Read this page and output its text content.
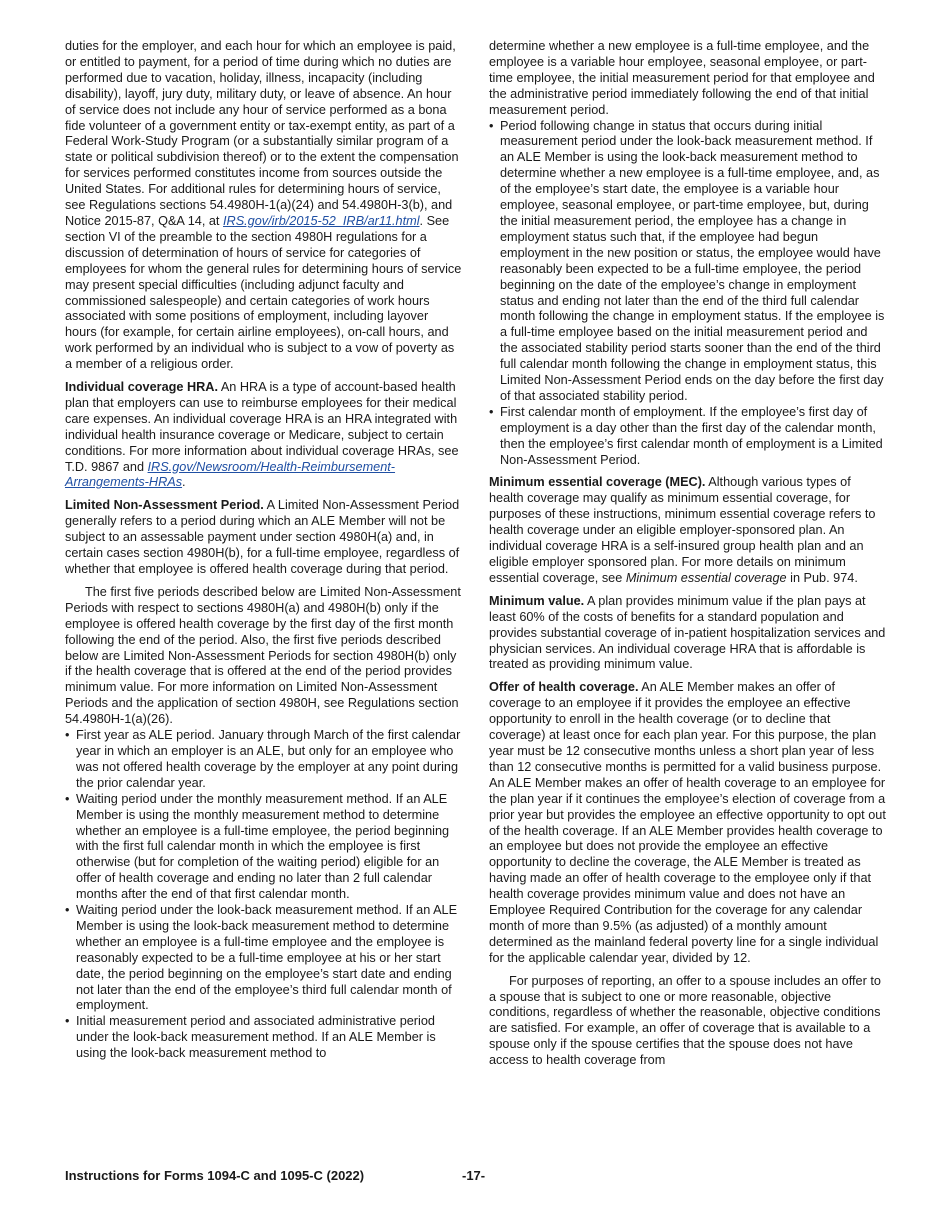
duties for the employer, and each hour for which an employee is paid, or entitled to payment, for a period of time during which no duties are performed due to vacation, holiday, illness, incapacity (including disability), layoff, jury duty, military duty, or leave of absence. An hour of service does not include any hour of service performed as a bona fide volunteer of a government entity or tax-exempt entity, as part of a Federal Work-Study Program (or a substantially similar program of a state or political subdivision thereof) or to the extent the compensation for services performed constitutes income from sources outside the United States. For additional rules for determining hours of service, see Regulations sections 54.4980H-1(a)(24) and 54.4980H-3(b), and Notice 2015-87, Q&A 14, at IRS.gov/irb/2015-52_IRB/ar11.html. See section VI of the preamble to the section 4980H regulations for a discussion of determination of hours of service for categories of employees for whom the general rules for determining hours of service may present special difficulties (including adjunct faculty and commissioned salespeople) and certain categories of work hours associated with some positions of employment, including layover hours (for example, for certain airline employees), on-call hours, and work performed by an individual who is subject to a vow of poverty as a member of a religious order.

Individual coverage HRA. An HRA is a type of account-based health plan that employers can use to reimburse employees for their medical care expenses. An individual coverage HRA is an HRA integrated with individual health insurance coverage or Medicare, subject to certain conditions. For more information about individual coverage HRAs, see T.D. 9867 and IRS.gov/Newsroom/Health-Reimbursement-Arrangements-HRAs.

Limited Non-Assessment Period. A Limited Non-Assessment Period generally refers to a period during which an ALE Member will not be subject to an assessable payment under section 4980H(a) and, in certain cases section 4980H(b), for a full-time employee, regardless of whether that employee is offered health coverage during that period.

The first five periods described below are Limited Non-Assessment Periods with respect to sections 4980H(a) and 4980H(b) only if the employee is offered health coverage by the first day of the first month following the end of the period. Also, the first five periods described below are Limited Non-Assessment Periods for section 4980H(b) only if the health coverage that is offered at the end of the period provides minimum value. For more information on Limited Non-Assessment Periods and the application of section 4980H, see Regulations section 54.4980H-1(a)(26).

• First year as ALE period. January through March of the first calendar year in which an employer is an ALE, but only for an employee who was not offered health coverage by the employer at any point during the prior calendar year.

• Waiting period under the monthly measurement method. If an ALE Member is using the monthly measurement method to determine whether an employee is a full-time employee, the period beginning with the first full calendar month in which the employee is first otherwise (but for completion of the waiting period) eligible for an offer of health coverage and ending no later than 2 full calendar months after the end of that first calendar month.

• Waiting period under the look-back measurement method. If an ALE Member is using the look-back measurement method to determine whether an employee is a full-time employee and the employee is reasonably expected to be a full-time employee at his or her start date, the period beginning on the employee’s start date and ending not later than the end of the employee’s third full calendar month of employment.

• Initial measurement period and associated administrative period under the look-back measurement method. If an ALE Member is using the look-back measurement method to

determine whether a new employee is a full-time employee, and the employee is a variable hour employee, seasonal employee, or part-time employee, the initial measurement period for that employee and the administrative period immediately following the end of that initial measurement period.

• Period following change in status that occurs during initial measurement period under the look-back measurement method. If an ALE Member is using the look-back measurement method to determine whether a new employee is a full-time employee, and, as of the employee’s start date, the employee is a variable hour employee, seasonal employee, or part-time employee, but, during the initial measurement period, the employee has a change in employment status such that, if the employee had begun employment in the new position or status, the employee would have reasonably been expected to be a full-time employee, the period beginning on the date of the employee’s change in employment status and ending not later than the end of the third full calendar month following the change in employment status. If the employee is a full-time employee based on the initial measurement period and the associated stability period starts sooner than the end of the third full calendar month following the change in employment status, this Limited Non-Assessment Period ends on the day before the first day of that associated stability period.

• First calendar month of employment. If the employee’s first day of employment is a day other than the first day of the calendar month, then the employee’s first calendar month of employment is a Limited Non-Assessment Period.

Minimum essential coverage (MEC). Although various types of health coverage may qualify as minimum essential coverage, for purposes of these instructions, minimum essential coverage refers to health coverage under an eligible employer-sponsored plan. An individual coverage HRA is a self-insured group health plan and an eligible employer sponsored plan. For more details on minimum essential coverage, see Minimum essential coverage in Pub. 974.

Minimum value. A plan provides minimum value if the plan pays at least 60% of the costs of benefits for a standard population and provides substantial coverage of in-patient hospitalization services and physician services. An individual coverage HRA that is affordable is treated as providing minimum value.

Offer of health coverage. An ALE Member makes an offer of coverage to an employee if it provides the employee an effective opportunity to enroll in the health coverage (or to decline that coverage) at least once for each plan year. For this purpose, the plan year must be 12 consecutive months unless a short plan year of less than 12 consecutive months is permitted for a valid business purpose. An ALE Member makes an offer of health coverage to an employee for the plan year if it continues the employee’s election of coverage from a prior year but provides the employee an effective opportunity to opt out of the health coverage. If an ALE Member provides health coverage to an employee but does not provide the employee an effective opportunity to decline the coverage, the ALE Member is treated as having made an offer of health coverage to the employee only if that health coverage provides minimum value and does not have an Employee Required Contribution for the coverage for any calendar month of more than 9.5% (as adjusted) of a monthly amount determined as the mainland federal poverty line for a single individual for the applicable calendar year, divided by 12.

For purposes of reporting, an offer to a spouse includes an offer to a spouse that is subject to one or more reasonable, objective conditions, regardless of whether the reasonable, objective conditions are satisfied. For example, an offer of coverage that is available to a spouse only if the spouse certifies that the spouse does not have access to health coverage from

Instructions for Forms 1094-C and 1095-C (2022)	-17-
